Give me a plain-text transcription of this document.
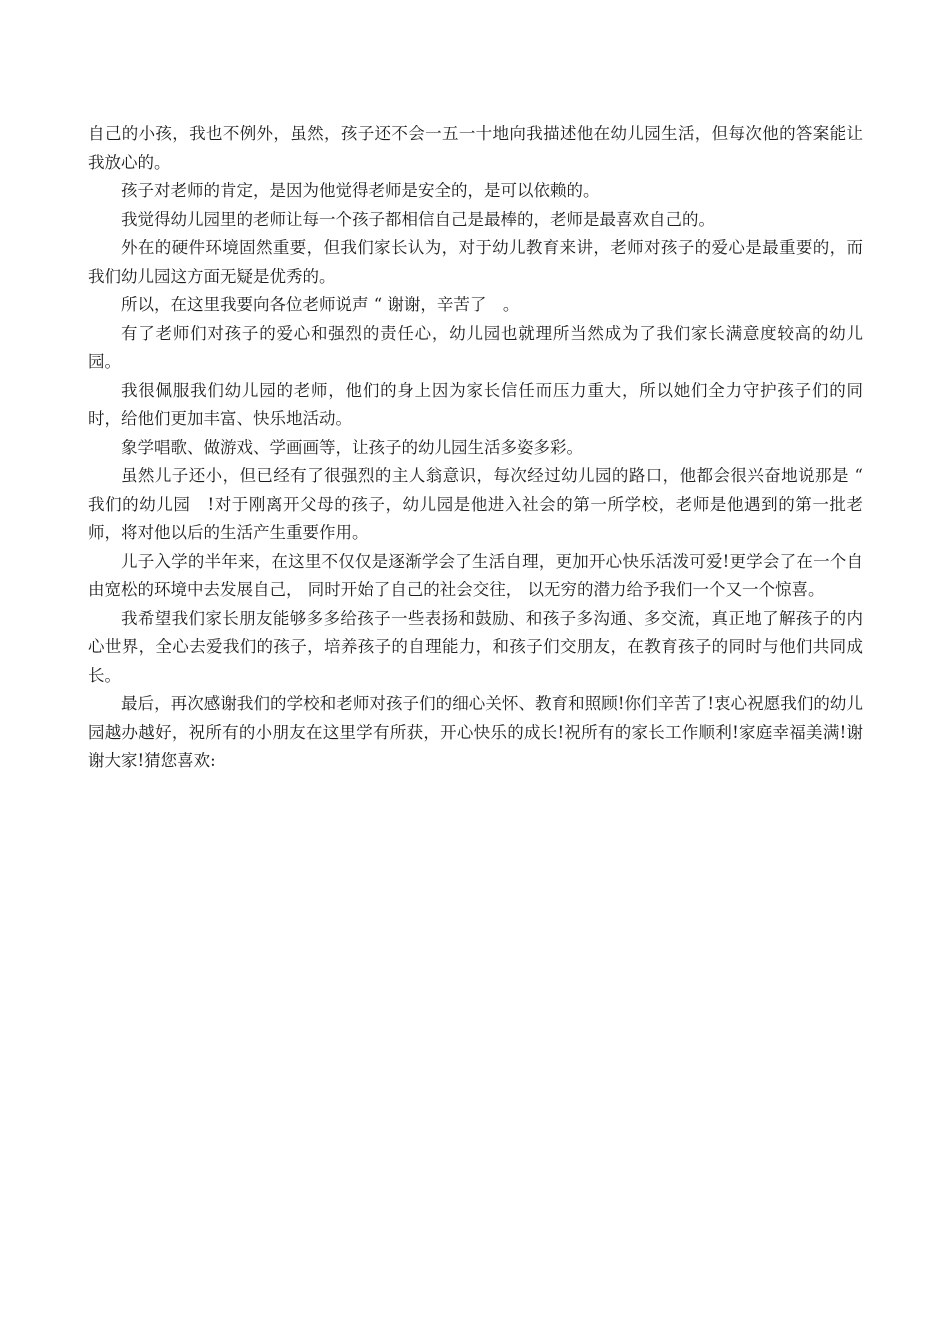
自己的小孩，我也不例外，虽然，孩子还不会一五一十地向我描述他在幼儿园生活，但每次他的答案能让我放心的。

孩子对老师的肯定，是因为他觉得老师是安全的，是可以依赖的。

我觉得幼儿园里的老师让每一个孩子都相信自己是最棒的，老师是最喜欢自己的。

外在的硬件环境固然重要，但我们家长认为，对于幼儿教育来讲，老师对孩子的爱心是最重要的，而我们幼儿园这方面无疑是优秀的。

所以，在这里我要向各位老师说声 “ 谢谢，辛苦了　。

有了老师们对孩子的爱心和强烈的责任心，幼儿园也就理所当然成为了我们家长满意度较高的幼儿园。

我很佩服我们幼儿园的老师，他们的身上因为家长信任而压力重大，所以她们全力守护孩子们的同时，给他们更加丰富、快乐地活动。

象学唱歌、做游戏、学画画等，让孩子的幼儿园生活多姿多彩。

虽然儿子还小，但已经有了很强烈的主人翁意识，每次经过幼儿园的路口，他都会很兴奋地说那是 “ 我们的幼儿园　!对于刚离开父母的孩子，幼儿园是他进入社会的第一所学校，老师是他遇到的第一批老师，将对他以后的生活产生重要作用。

儿子入学的半年来，在这里不仅仅是逐渐学会了生活自理，更加开心快乐活泼可爱!更学会了在一个自由宽松的环境中去发展自己， 同时开始了自己的社会交往， 以无穷的潜力给予我们一个又一个惊喜。

我希望我们家长朋友能够多多给孩子一些表扬和鼓励、和孩子多沟通、多交流，真正地了解孩子的内心世界，全心去爱我们的孩子，培养孩子的自理能力，和孩子们交朋友，在教育孩子的同时与他们共同成长。

最后，再次感谢我们的学校和老师对孩子们的细心关怀、教育和照顾!你们辛苦了!衷心祝愿我们的幼儿园越办越好，祝所有的小朋友在这里学有所获，开心快乐的成长!祝所有的家长工作顺利!家庭幸福美满!谢谢大家!猜您喜欢:
